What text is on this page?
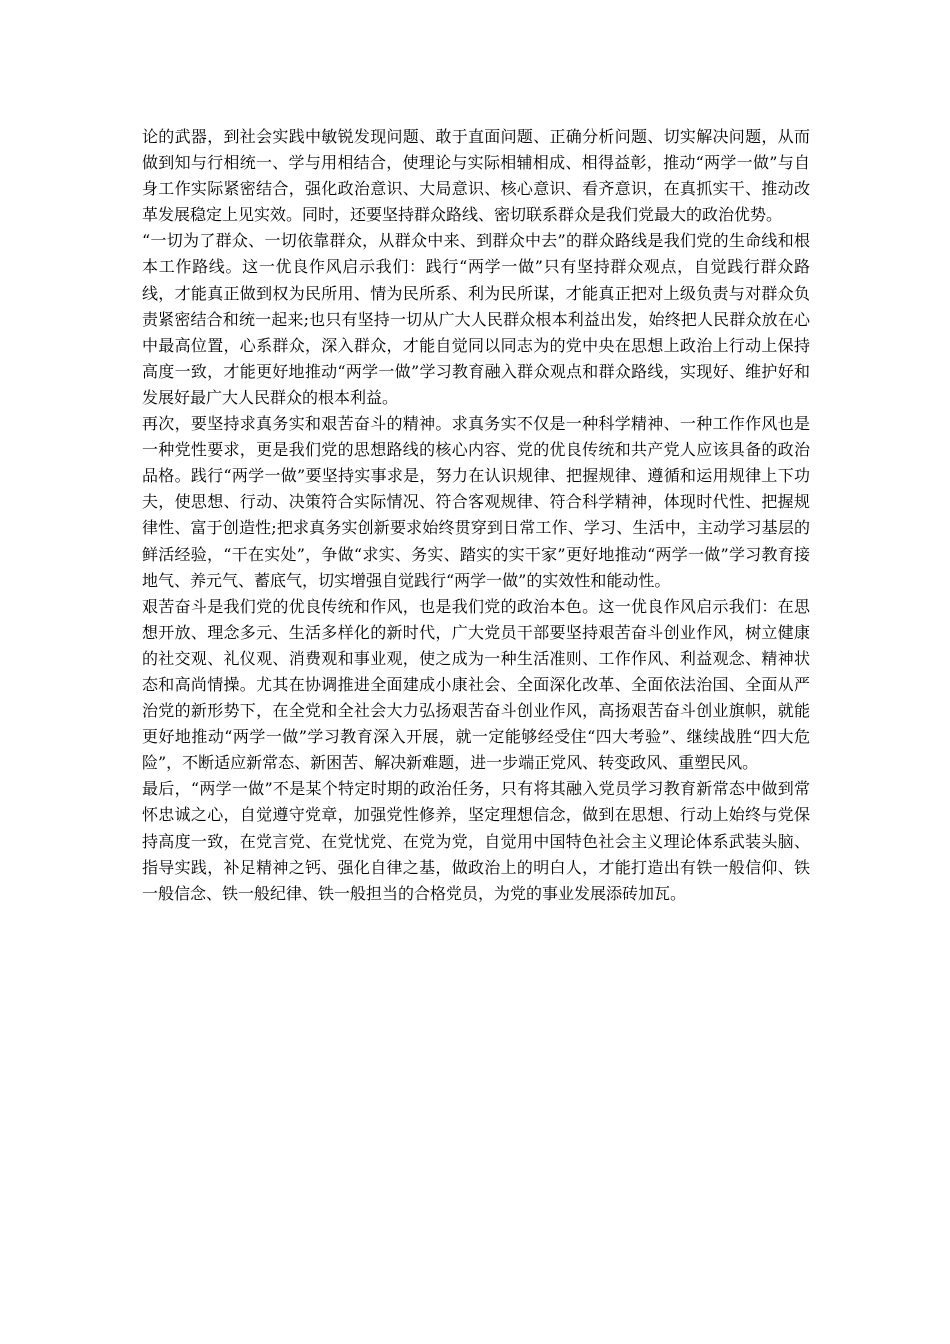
论的武器，到社会实践中敏锐发现问题、敢于直面问题、正确分析问题、切实解决问题，从而做到知与行相统一、学与用相结合，使理论与实际相辅相成、相得益彰，推动“两学一做”与自身工作实际紧密结合，强化政治意识、大局意识、核心意识、看齐意识，在真抓实干、推动改革发展稳定上见实效。同时，还要坚持群众路线、密切联系群众是我们党最大的政治优势。

“一切为了群众、一切依靠群众，从群众中来、到群众中去”的群众路线是我们党的生命线和根本工作路线。这一优良作风启示我们：践行“两学一做”只有坚持群众观点，自觉践行群众路线，才能真正做到权为民所用、情为民所系、利为民所谋，才能真正把对上级负责与对群众负责紧密结合和统一起来;也只有坚持一切从广大人民群众根本利益出发，始终把人民群众放在心中最高位置，心系群众，深入群众，才能自觉同以同志为的党中央在思想上政治上行动上保持高度一致，才能更好地推动“两学一做”学习教育融入群众观点和群众路线，实现好、维护好和发展好最广大人民群众的根本利益。

再次，要坚持求真务实和艰苦奋斗的精神。求真务实不仅是一种科学精神、一种工作作风也是一种党性要求，更是我们党的思想路线的核心内容、党的优良传统和共产党人应该具备的政治品格。践行“两学一做”要坚持实事求是，努力在认识规律、把握规律、遵循和运用规律上下功夫，使思想、行动、决策符合实际情况、符合客观规律、符合科学精神，体现时代性、把握规律性、富于创造性;把求真务实创新要求始终贯穿到日常工作、学习、生活中，主动学习基层的鲜活经验，“干在实处”，争做“求实、务实、踏实的实干家”更好地推动“两学一做”学习教育接地气、养元气、蓄底气，切实增强自觉践行“两学一做”的实效性和能动性。

艰苦奋斗是我们党的优良传统和作风，也是我们党的政治本色。这一优良作风启示我们：在思想开放、理念多元、生活多样化的新时代，广大党员干部要坚持艰苦奋斗创业作风，树立健康的社交观、礼仪观、消费观和事业观，使之成为一种生活准则、工作作风、利益观念、精神状态和高尚情操。尤其在协调推进全面建成小康社会、全面深化改革、全面依法治国、全面从严治党的新形势下，在全党和全社会大力弘扬艰苦奋斗创业作风，高扬艰苦奋斗创业旗帜，就能更好地推动“两学一做”学习教育深入开展，就一定能够经受住“四大考验”、继续战胜“四大危险”，不断适应新常态、新困苦、解决新难题，进一步端正党风、转变政风、重塑民风。

最后，“两学一做”不是某个特定时期的政治任务，只有将其融入党员学习教育新常态中做到常怀忠诚之心，自觉遵守党章，加强党性修养，坚定理想信念，做到在思想、行动上始终与党保持高度一致，在党言党、在党忧党、在党为党，自觉用中国特色社会主义理论体系武装头脑、指导实践，补足精神之钙、强化自律之基，做政治上的明白人，才能打造出有铁一般信仰、铁一般信念、铁一般纪律、铁一般担当的合格党员，为党的事业发展添砖加瓦。
